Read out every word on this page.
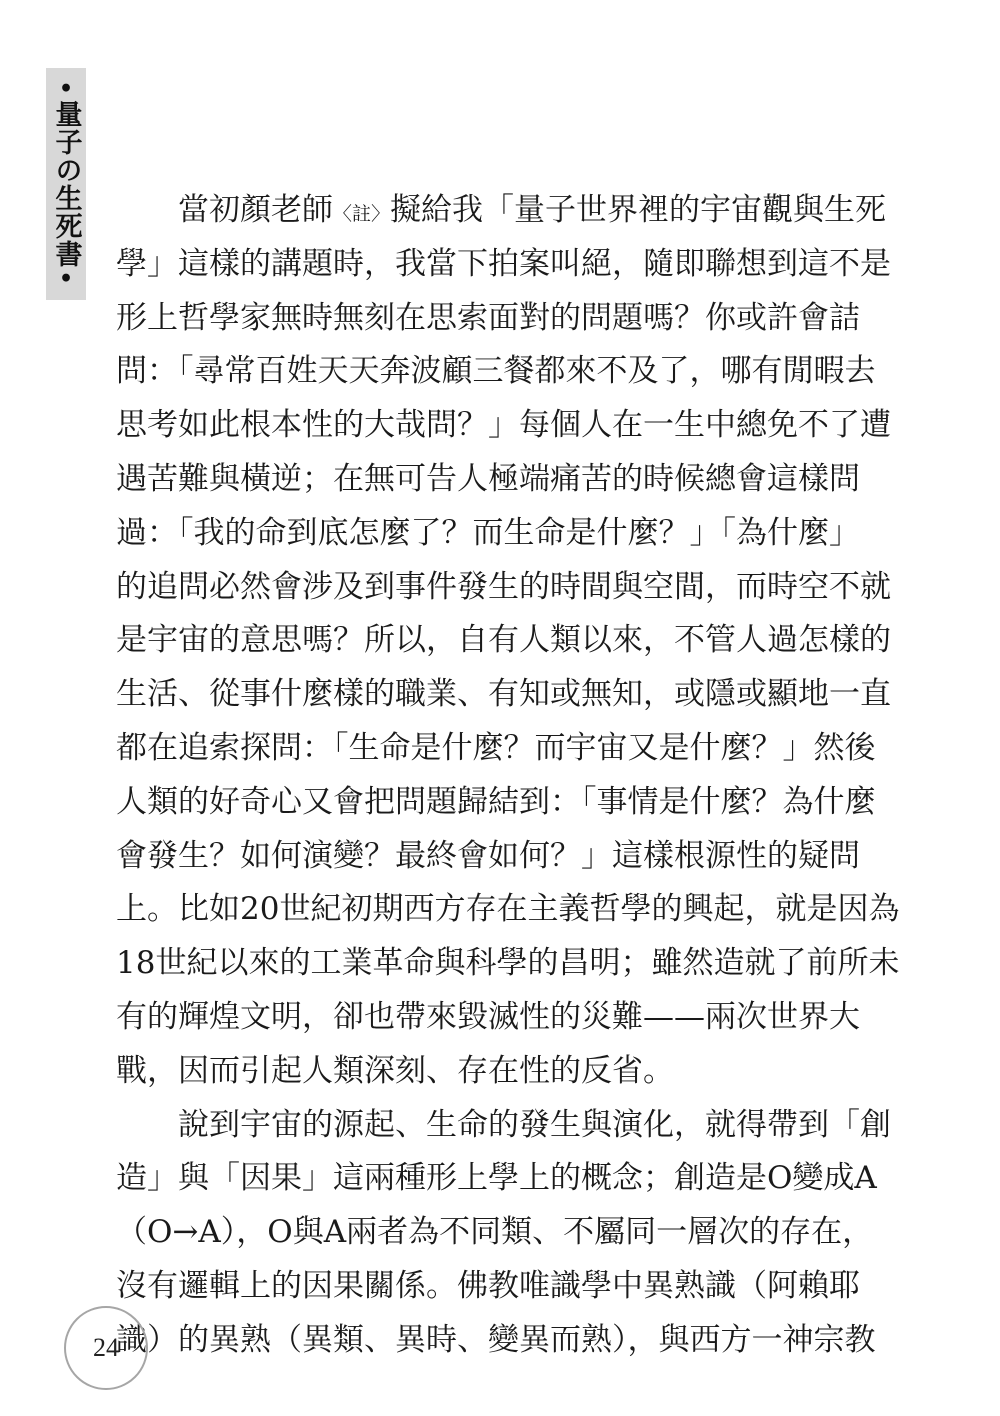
•
量子の生死書
•
當初顏老師〈註〉擬給我「量子世界裡的宇宙觀與生死
學」這樣的講題時，我當下拍案叫絕，隨即聯想到這不是
形上哲學家無時無刻在思索面對的問題嗎？你或許會詰
問：「尋常百姓天天奔波顧三餐都來不及了，哪有閒暇去
思考如此根本性的大哉問？」每個人在一生中總免不了遭
遇苦難與橫逆；在無可告人極端痛苦的時候總會這樣問
過：「我的命到底怎麼了？而生命是什麼？」「為什麼」
的追問必然會涉及到事件發生的時間與空間，而時空不就
是宇宙的意思嗎？所以，自有人類以來，不管人過怎樣的
生活、從事什麼樣的職業、有知或無知，或隱或顯地一直
都在追索探問：「生命是什麼？而宇宙又是什麼？」然後
人類的好奇心又會把問題歸結到：「事情是什麼？為什麼
會發生？如何演變？最終會如何？」這樣根源性的疑問
上。比如20世紀初期西方存在主義哲學的興起，就是因為
18世紀以來的工業革命與科學的昌明；雖然造就了前所未
有的輝煌文明，卻也帶來毀滅性的災難——兩次世界大
戰，因而引起人類深刻、存在性的反省。
說到宇宙的源起、生命的發生與演化，就得帶到「創
造」與「因果」這兩種形上學上的概念；創造是O變成A
（O→A），O與A兩者為不同類、不屬同一層次的存在，
沒有邏輯上的因果關係。佛教唯識學中異熟識（阿賴耶
識）的異熟（異類、異時、變異而熟），與西方一神宗教
24
